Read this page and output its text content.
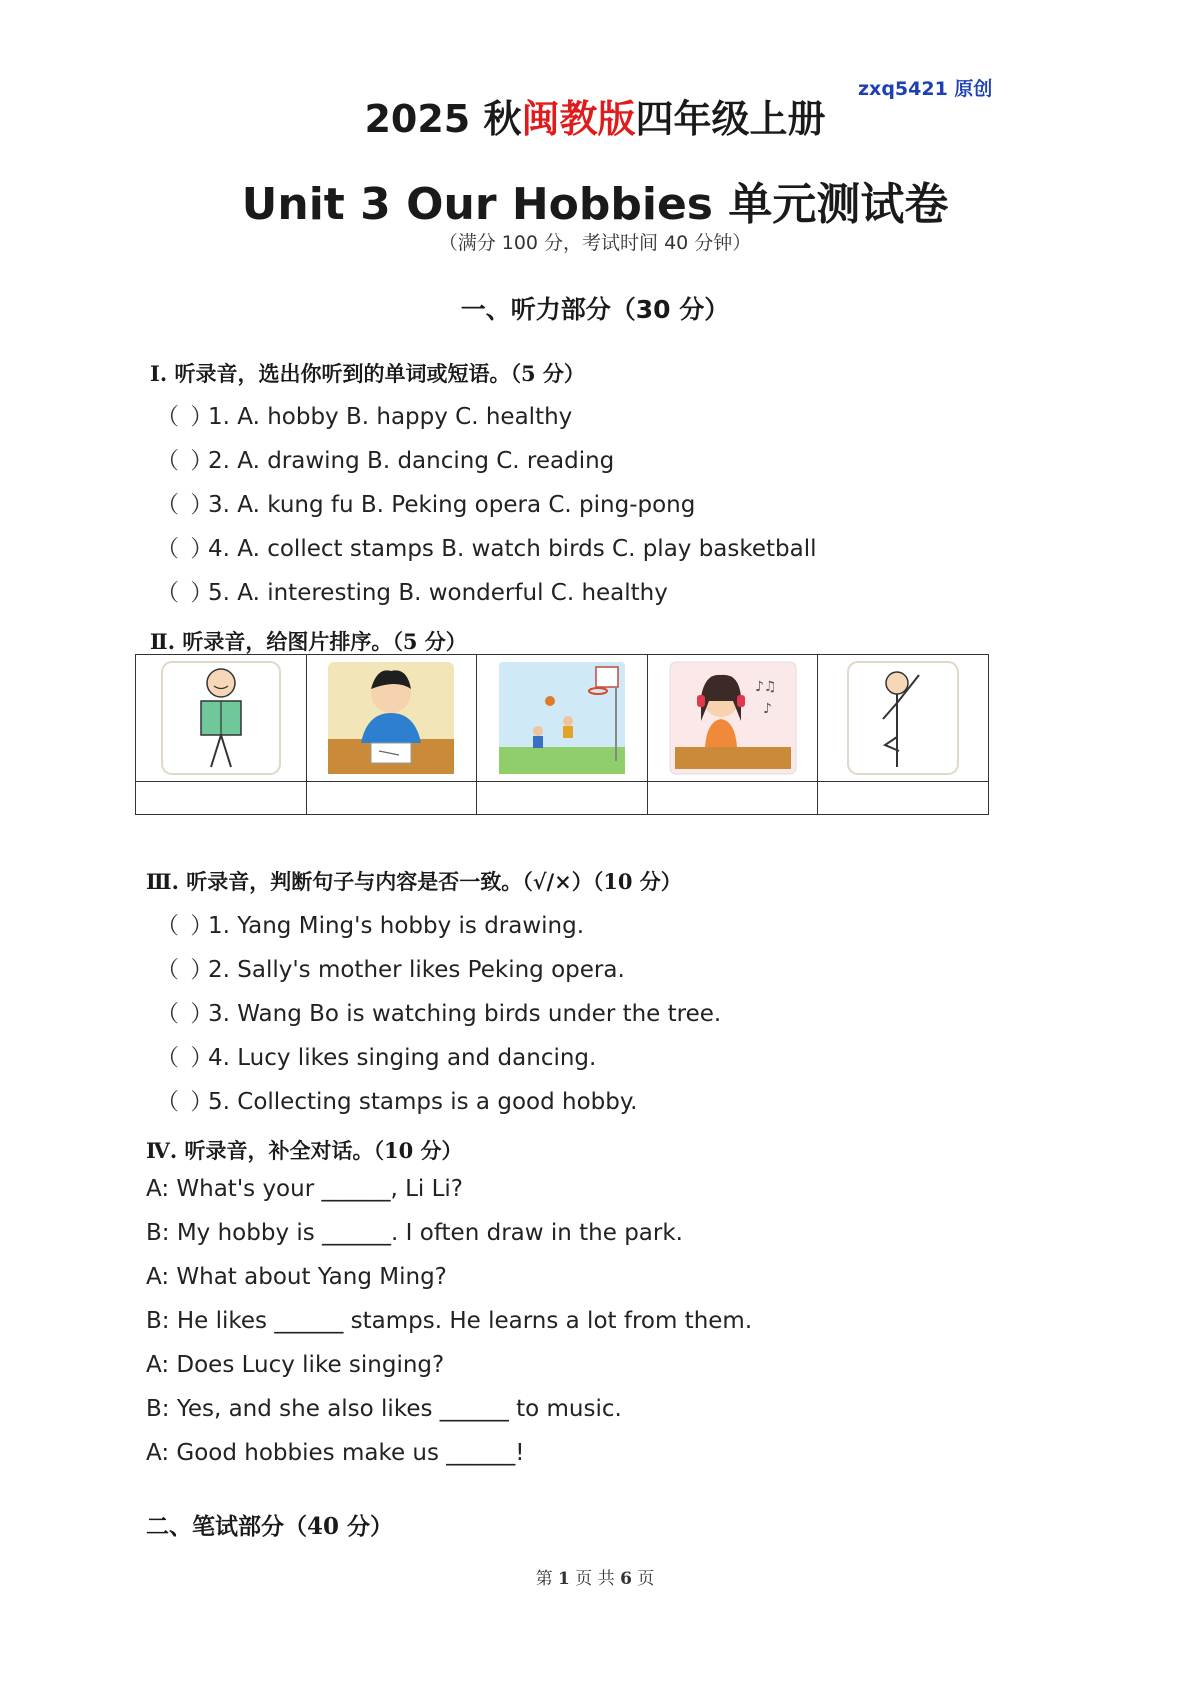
zxq5421 原创
2025 秋闽教版四年级上册
Unit 3 Our Hobbies 单元测试卷
（满分 100 分，考试时间 40 分钟）
一、听力部分（30 分）
Ⅰ. 听录音，选出你听到的单词或短语。（5 分）
（ ）1. A. hobby B. happy C. healthy
（ ）2. A. drawing B. dancing C. reading
（ ）3. A. kung fu B. Peking opera C. ping-pong
（ ）4. A. collect stamps B. watch birds C. play basketball
（ ）5. A. interesting B. wonderful C. healthy
Ⅱ. 听录音，给图片排序。（5 分）

♪♫
♪

Ⅲ. 听录音，判断句子与内容是否一致。（√/×）（10 分）
（ ）1. Yang Ming's hobby is drawing.
（ ）2. Sally's mother likes Peking opera.
（ ）3. Wang Bo is watching birds under the tree.
（ ）4. Lucy likes singing and dancing.
（ ）5. Collecting stamps is a good hobby.
Ⅳ. 听录音，补全对话。（10 分）
A: What's your ______, Li Li?
B: My hobby is ______. I often draw in the park.
A: What about Yang Ming?
B: He likes ______ stamps. He learns a lot from them.
A: Does Lucy like singing?
B: Yes, and she also likes ______ to music.
A: Good hobbies make us ______!
二、笔试部分（40 分）
第 1 页 共 6 页
